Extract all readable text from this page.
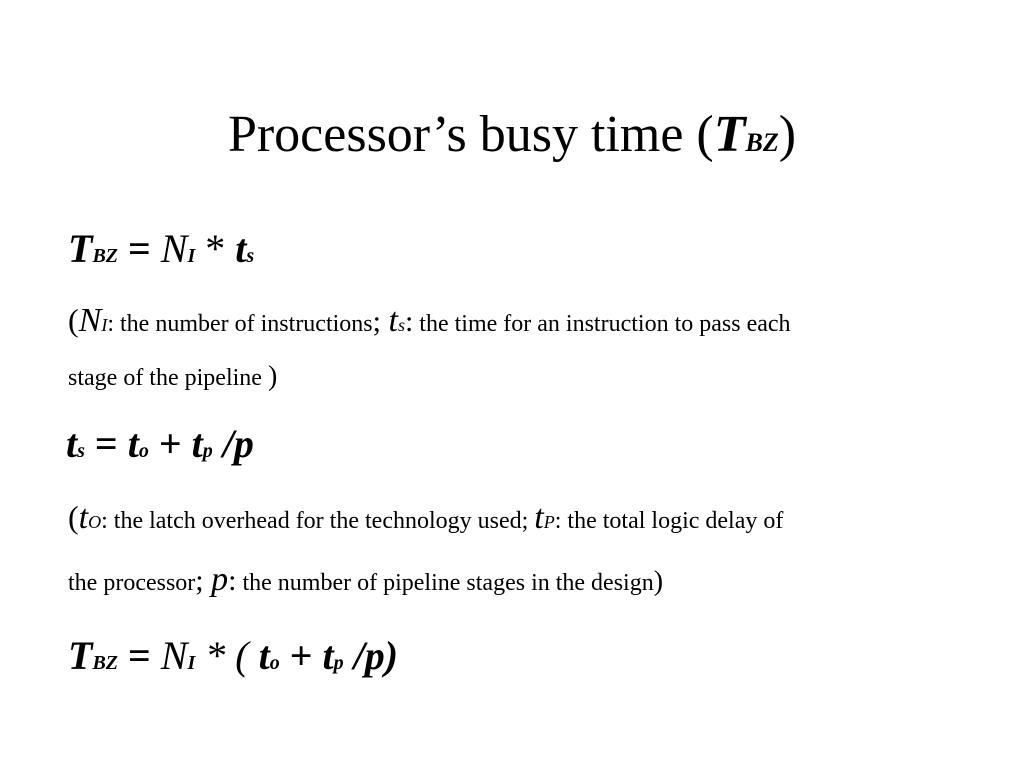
Processor’s busy time (TBZ)
TBZ = NI * ts
(NI: the number of instructions; ts: the time for an instruction to pass each
stage of the pipeline )
ts = to + tp /p
(tO: the latch overhead for the technology used; tP: the total logic delay of
the processor; p: the number of pipeline stages in the design)
TBZ = NI * ( to + tp /p)
